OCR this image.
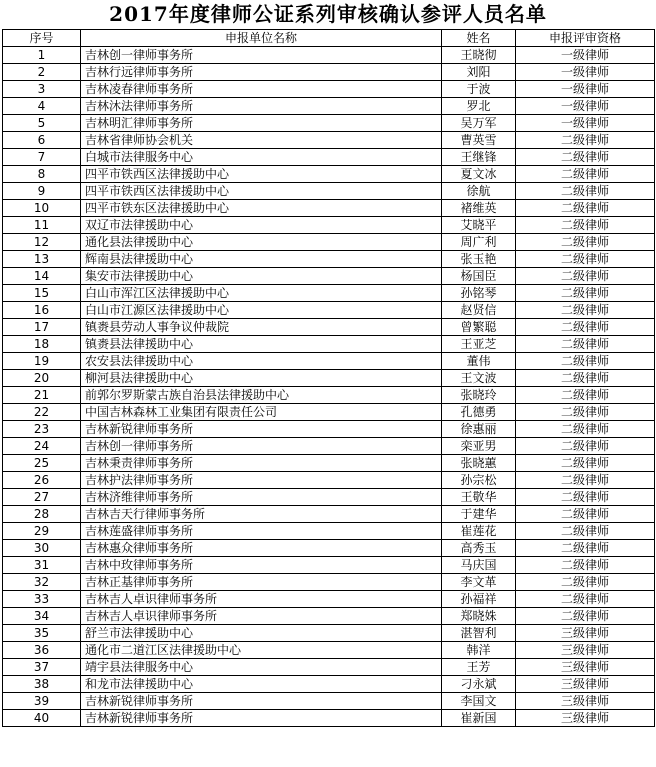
2017年度律师公证系列审核确认参评人员名单
序号	申报单位名称	姓名	申报评审资格
1	吉林创一律师事务所	王晓彻	一级律师
2	吉林行远律师事务所	刘阳	一级律师
3	吉林凌春律师事务所	于波	一级律师
4	吉林沐法律师事务所	罗北	一级律师
5	吉林明汇律师事务所	吴万军	一级律师
6	吉林省律师协会机关	曹英雪	二级律师
7	白城市法律服务中心	王继锋	二级律师
8	四平市铁西区法律援助中心	夏文冰	二级律师
9	四平市铁西区法律援助中心	徐航	二级律师
10	四平市铁东区法律援助中心	褚维英	二级律师
11	双辽市法律援助中心	艾晓平	二级律师
12	通化县法律援助中心	周广利	二级律师
13	辉南县法律援助中心	张玉艳	二级律师
14	集安市法律援助中心	杨国臣	二级律师
15	白山市浑江区法律援助中心	孙铭琴	二级律师
16	白山市江源区法律援助中心	赵贤信	二级律师
17	镇赉县劳动人事争议仲裁院	曾繁聪	二级律师
18	镇赉县法律援助中心	王亚芝	二级律师
19	农安县法律援助中心	董伟	二级律师
20	柳河县法律援助中心	王文波	二级律师
21	前郭尔罗斯蒙古族自治县法律援助中心	张晓玲	二级律师
22	中国吉林森林工业集团有限责任公司	孔德勇	二级律师
23	吉林新锐律师事务所	徐惠丽	二级律师
24	吉林创一律师事务所	栾亚男	二级律师
25	吉林秉责律师事务所	张晓蕙	二级律师
26	吉林护法律师事务所	孙宗松	二级律师
27	吉林济维律师事务所	王敬华	二级律师
28	吉林吉天行律师事务所	于建华	二级律师
29	吉林莲盛律师事务所	崔莲花	二级律师
30	吉林惠众律师事务所	高秀玉	二级律师
31	吉林中玫律师事务所	马庆国	二级律师
32	吉林正基律师事务所	李文革	二级律师
33	吉林吉人卓识律师事务所	孙福祥	二级律师
34	吉林吉人卓识律师事务所	郑晓姝	二级律师
35	舒兰市法律援助中心	湛智利	三级律师
36	通化市二道江区法律援助中心	韩洋	三级律师
37	靖宇县法律服务中心	王芳	三级律师
38	和龙市法律援助中心	刁永斌	三级律师
39	吉林新锐律师事务所	李国文	三级律师
40	吉林新锐律师事务所	崔新国	三级律师
